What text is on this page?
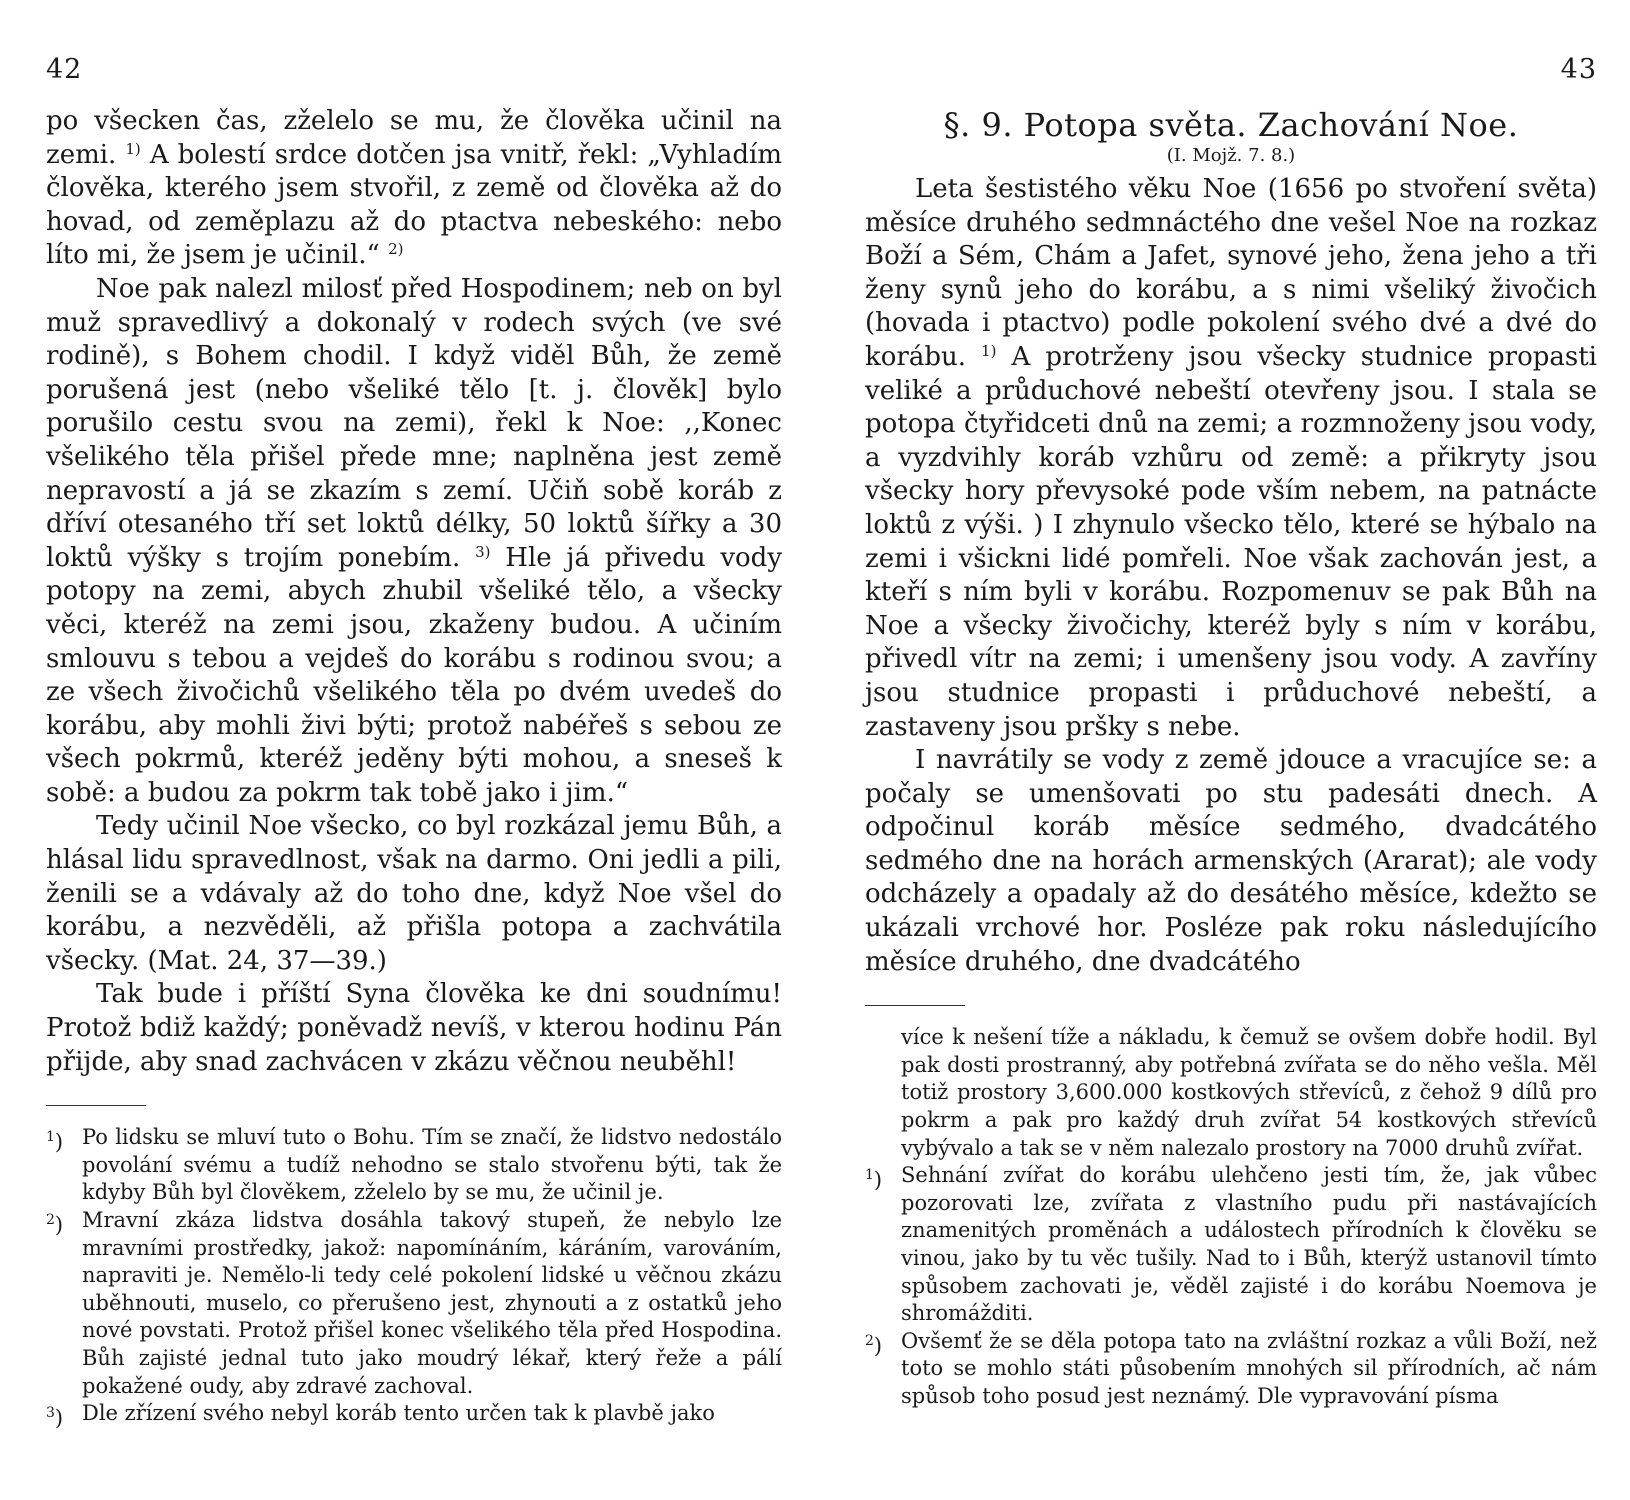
42

po všecken čas, zželelo se mu, že člověka učinil na zemi. $^{1)}$ A bolestí srdce dotčen jsa vnitř, řekl: „Vyhladím člověka, kterého jsem stvořil, z země od člověka až do hovad, od zeměplazu až do ptactva nebeského: nebo líto mi, že jsem je učinil.“ $^{2)}$

Noe pak nalezl milosť před Hospodinem; neb on byl muž spravedlivý a dokonalý v rodech svých (ve své rodině), s Bohem chodil. I když viděl Bůh, že země porušená jest (nebo všeliké tělo [t. j. člověk] bylo porušilo cestu svou na zemi), řekl k Noe: ,,Konec všelikého těla přišel přede mne; naplněna jest země nepravostí a já se zkazím s zemí. Učiň sobě koráb z dříví otesaného tří set loktů délky, 50 loktů šířky a 30 loktů výšky s trojím ponebím. $^{3)}$ Hle já přivedu vody potopy na zemi, abych zhubil všeliké tělo, a všecky věci, kteréž na zemi jsou, zkaženy budou. A učiním smlouvu s tebou a vejdeš do korábu s rodinou svou; a ze všech živočichů všelikého těla po dvém uvedeš do korábu, aby mohli živi býti; protož nabéřeš s sebou ze všech pokrmů, kteréž jeděny býti mohou, a sneseš k sobě: a budou za pokrm tak tobě jako i jim.“

Tedy učinil Noe všecko, co byl rozkázal jemu Bůh, a hlásal lidu spravedlnost, však na darmo. Oni jedli a pili, ženili se a vdávaly až do toho dne, když Noe všel do korábu, a nezvěděli, až přišla potopa a zachvátila všecky. (Mat. 24, 37—39.)

Tak bude i příští Syna člověka ke dni soudnímu! Protož bdiž každý; poněvadž nevíš, v kterou hodinu Pán přijde, aby snad zachvácen v zkázu věčnou neuběhl!

$^1$) Po lidsku se mluví tuto o Bohu. Tím se značí, že lidstvo nedostálo povolání svému a tudíž nehodno se stalo stvořenu býti, tak že kdyby Bůh byl člověkem, zželelo by se mu, že učinil je.
$^2$) Mravní zkáza lidstva dosáhla takový stupeň, že nebylo lze mravními prostředky, jakož: napomínáním, káráním, varováním, napraviti je. Nemělo-li tedy celé pokolení lidské u věčnou zkázu uběhnouti, muselo, co přerušeno jest, zhynouti a z ostatků jeho nové povstati. Protož přišel konec všelikého těla před Hospodina. Bůh zajisté jednal tuto jako moudrý lékař, který řeže a pálí pokažené oudy, aby zdravé zachoval.
$^3$) Dle zřízení svého nebyl koráb tento určen tak k plavbě jako
43
§. 9. Potopa světa. Zachování Noe.
(I. Mojž. 7. 8.)

Leta šestistého věku Noe (1656 po stvoření světa) měsíce druhého sedmnáctého dne vešel Noe na rozkaz Boží a Sém, Chám a Jafet, synové jeho, žena jeho a tři ženy synů jeho do korábu, a s nimi všeliký živočich (hovada i ptactvo) podle pokolení svého dvé a dvé do korábu. $^{1)}$ A protrženy jsou všecky studnice propasti veliké a průduchové nebeští otevřeny jsou. I stala se potopa čtyřidceti dnů na zemi; a rozmnoženy jsou vody, a vyzdvihly koráb vzhůru od země: a přikryty jsou všecky hory převysoké pode vším nebem, na patnácte loktů z výši. ) I zhynulo všecko tělo, které se hýbalo na zemi i všickni lidé pomřeli. Noe však zachován jest, a kteří s ním byli v korábu. Rozpomenuv se pak Bůh na Noe a všecky živočichy, kteréž byly s ním v korábu, přivedl vítr na zemi; i umenšeny jsou vody. A zavříny jsou studnice propasti i průduchové nebeští, a zastaveny jsou pršky s nebe.

I navrátily se vody z země jdouce a vracujíce se: a počaly se umenšovati po stu padesáti dnech. A odpočinul koráb měsíce sedmého, dvadcátého sedmého dne na horách armenských (Ararat); ale vody odcházely a opadaly až do desátého měsíce, kdežto se ukázali vrchové hor. Posléze pak roku následujícího měsíce druhého, dne dvadcátého

více k nešení tíže a nákladu, k čemuž se ovšem dobře hodil. Byl pak dosti prostranný, aby potřebná zvířata se do něho vešla. Měl totiž prostory 3,600.000 kostkových střevíců, z čehož 9 dílů pro pokrm a pak pro každý druh zvířat 54 kostkových střevíců vybývalo a tak se v něm nalezalo prostory na 7000 druhů zvířat.
$^1$) Sehnání zvířat do korábu ulehčeno jesti tím, že, jak vůbec pozorovati lze, zvířata z vlastního pudu při nastávajících znamenitých proměnách a událostech přírodních k člověku se vinou, jako by tu věc tušily. Nad to i Bůh, kterýž ustanovil tímto spůsobem zachovati je, věděl zajisté i do korábu Noemova je shromážditi.
$^2$) Ovšemť že se děla potopa tato na zvláštní rozkaz a vůli Boží, než toto se mohlo státi působením mnohých sil přírodních, ač nám spůsob toho posud jest neznámý. Dle vypravování písma
